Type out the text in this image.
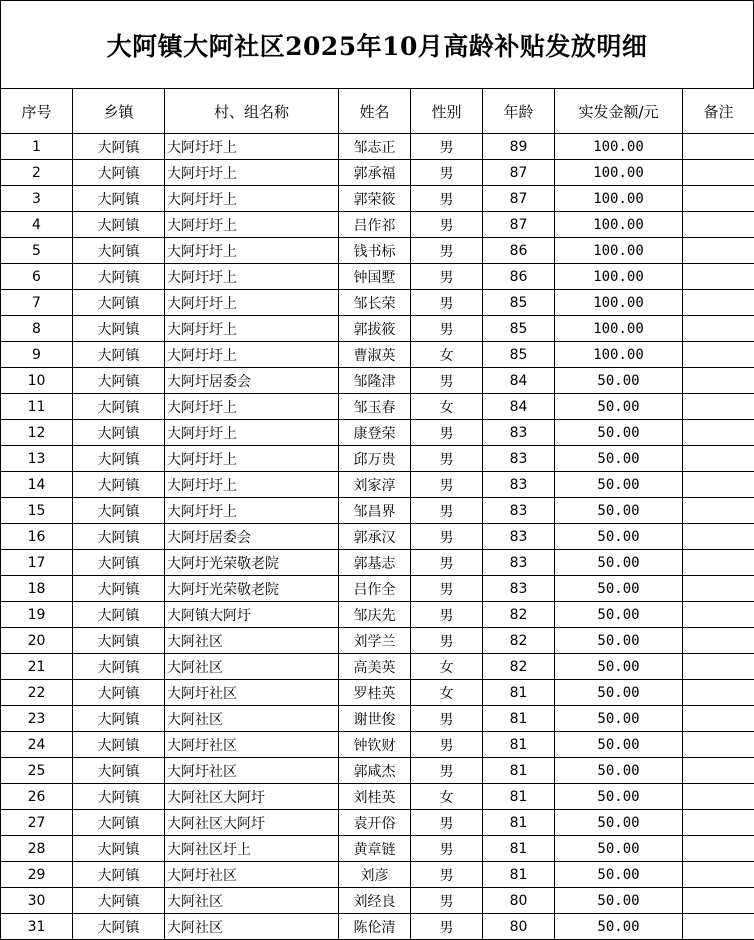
大阿镇大阿社区2025年10月高龄补贴发放明细
序号	乡镇	村、组名称	姓名	性别	年龄	实发金额/元	备注
1	大阿镇	大阿圩圩上	邹志正	男	89	100.00	
2	大阿镇	大阿圩圩上	郭承福	男	87	100.00	
3	大阿镇	大阿圩圩上	郭荣筱	男	87	100.00	
4	大阿镇	大阿圩圩上	吕作祁	男	87	100.00	
5	大阿镇	大阿圩圩上	钱书标	男	86	100.00	
6	大阿镇	大阿圩圩上	钟国墅	男	86	100.00	
7	大阿镇	大阿圩圩上	邹长荣	男	85	100.00	
8	大阿镇	大阿圩圩上	郭拔筱	男	85	100.00	
9	大阿镇	大阿圩圩上	曹淑英	女	85	100.00	
10	大阿镇	大阿圩居委会	邹隆津	男	84	50.00	
11	大阿镇	大阿圩圩上	邹玉春	女	84	50.00	
12	大阿镇	大阿圩圩上	康登荣	男	83	50.00	
13	大阿镇	大阿圩圩上	邱万贵	男	83	50.00	
14	大阿镇	大阿圩圩上	刘家淳	男	83	50.00	
15	大阿镇	大阿圩圩上	邹昌界	男	83	50.00	
16	大阿镇	大阿圩居委会	郭承汉	男	83	50.00	
17	大阿镇	大阿圩光荣敬老院	郭基志	男	83	50.00	
18	大阿镇	大阿圩光荣敬老院	吕作全	男	83	50.00	
19	大阿镇	大阿镇大阿圩	邹庆先	男	82	50.00	
20	大阿镇	大阿社区	刘学兰	男	82	50.00	
21	大阿镇	大阿社区	高美英	女	82	50.00	
22	大阿镇	大阿圩社区	罗桂英	女	81	50.00	
23	大阿镇	大阿社区	谢世俊	男	81	50.00	
24	大阿镇	大阿圩社区	钟钦财	男	81	50.00	
25	大阿镇	大阿圩社区	郭咸杰	男	81	50.00	
26	大阿镇	大阿社区大阿圩	刘桂英	女	81	50.00	
27	大阿镇	大阿社区大阿圩	袁开俗	男	81	50.00	
28	大阿镇	大阿社区圩上	黄章链	男	81	50.00	
29	大阿镇	大阿圩社区	刘彦	男	81	50.00	
30	大阿镇	大阿社区	刘经良	男	80	50.00	
31	大阿镇	大阿社区	陈伦清	男	80	50.00	
